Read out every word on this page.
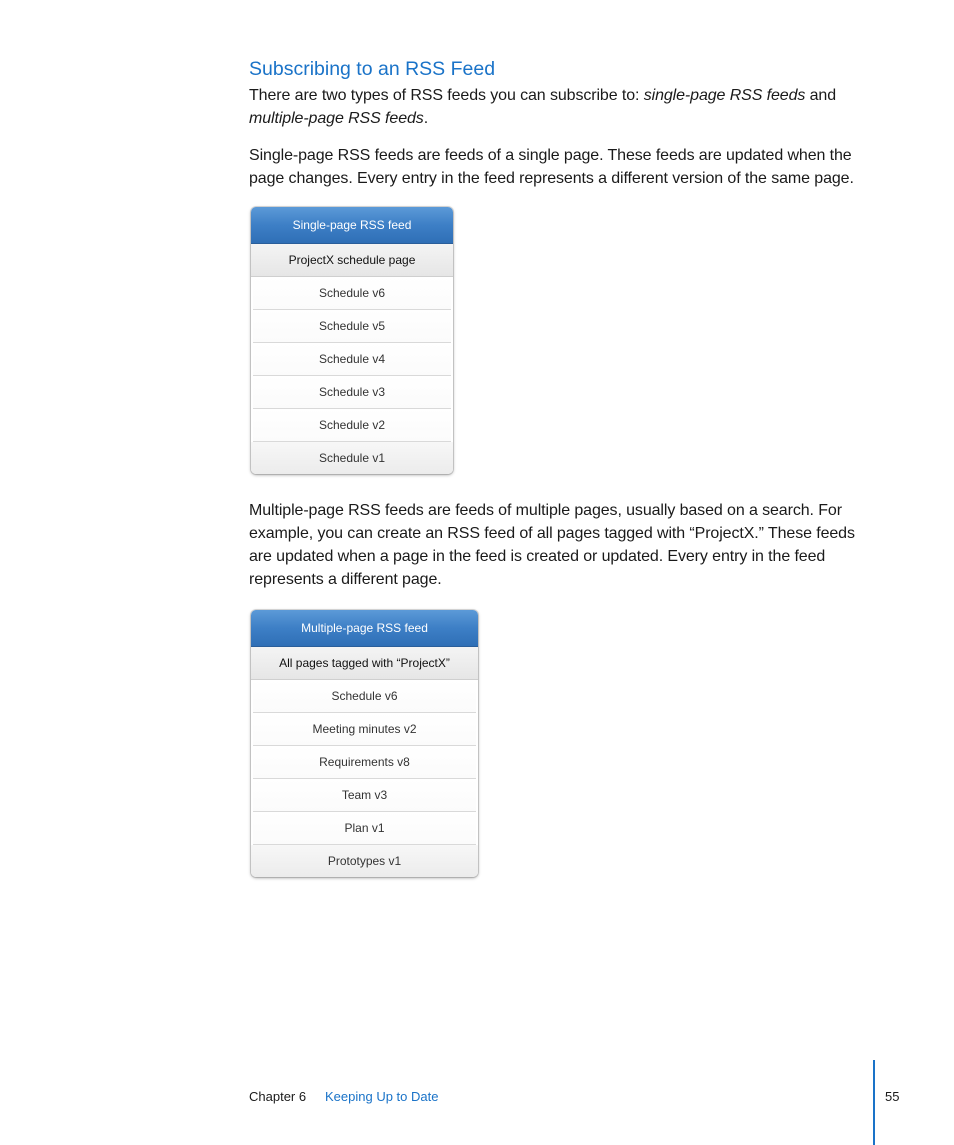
Subscribing to an RSS Feed

There are two types of RSS feeds you can subscribe to: single-page RSS feeds and
multiple-page RSS feeds.

Single-page RSS feeds are feeds of a single page. These feeds are updated when the page changes. Every entry in the feed represents a different version of the same page.

Single-page RSS feed
ProjectX schedule page
Schedule v6
Schedule v5
Schedule v4
Schedule v3
Schedule v2
Schedule v1

Multiple-page RSS feeds are feeds of multiple pages, usually based on a search. For example, you can create an RSS feed of all pages tagged with “ProjectX.” These feeds are updated when a page in the feed is created or updated. Every entry in the feed represents a different page.

Multiple-page RSS feed
All pages tagged with “ProjectX”
Schedule v6
Meeting minutes v2
Requirements v8
Team v3
Plan v1
Prototypes v1
Chapter 6 Keeping Up to Date	55
